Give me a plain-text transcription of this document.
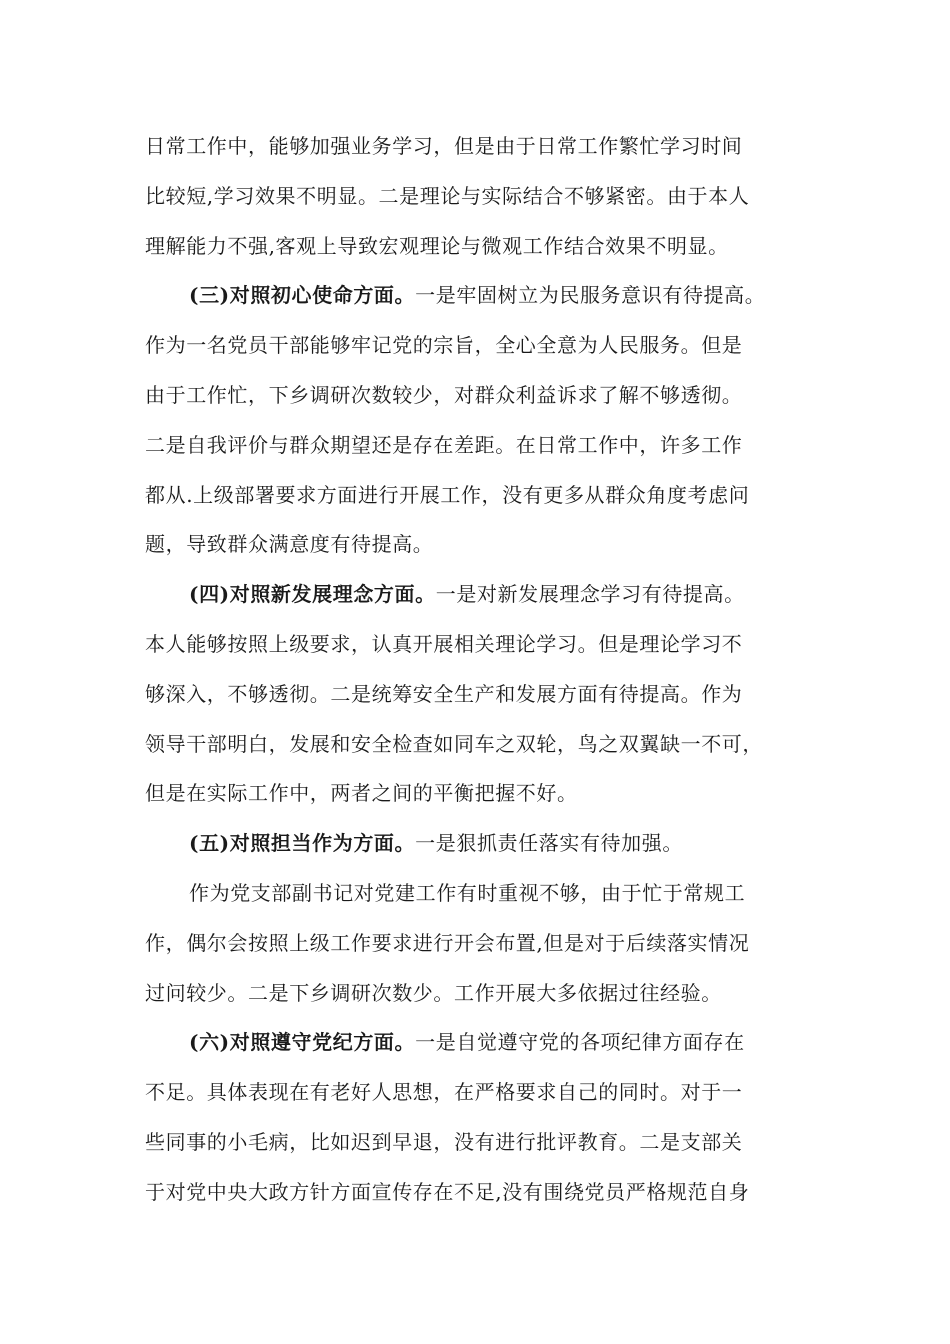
日常工作中，能够加强业务学习，但是由于日常工作繁忙学习时间
比较短,学习效果不明显。二是理论与实际结合不够紧密。由于本人
理解能力不强,客观上导致宏观理论与微观工作结合效果不明显。
(三)对照初心使命方面。一是牢固树立为民服务意识有待提高。
作为一名党员干部能够牢记党的宗旨，全心全意为人民服务。但是
由于工作忙，下乡调研次数较少，对群众利益诉求了解不够透彻。
二是自我评价与群众期望还是存在差距。在日常工作中，许多工作
都从.上级部署要求方面进行开展工作，没有更多从群众角度考虑问
题，导致群众满意度有待提高。
(四)对照新发展理念方面。一是对新发展理念学习有待提高。
本人能够按照上级要求，认真开展相关理论学习。但是理论学习不
够深入，不够透彻。二是统筹安全生产和发展方面有待提高。作为
领导干部明白，发展和安全检查如同车之双轮，鸟之双翼缺一不可，
但是在实际工作中，两者之间的平衡把握不好。
(五)对照担当作为方面。一是狠抓责任落实有待加强。
作为党支部副书记对党建工作有时重视不够，由于忙于常规工
作，偶尔会按照上级工作要求进行开会布置,但是对于后续落实情况
过问较少。二是下乡调研次数少。工作开展大多依据过往经验。
(六)对照遵守党纪方面。一是自觉遵守党的各项纪律方面存在
不足。具体表现在有老好人思想，在严格要求自己的同时。对于一
些同事的小毛病，比如迟到早退，没有进行批评教育。二是支部关
于对党中央大政方针方面宣传存在不足,没有围绕党员严格规范自身
